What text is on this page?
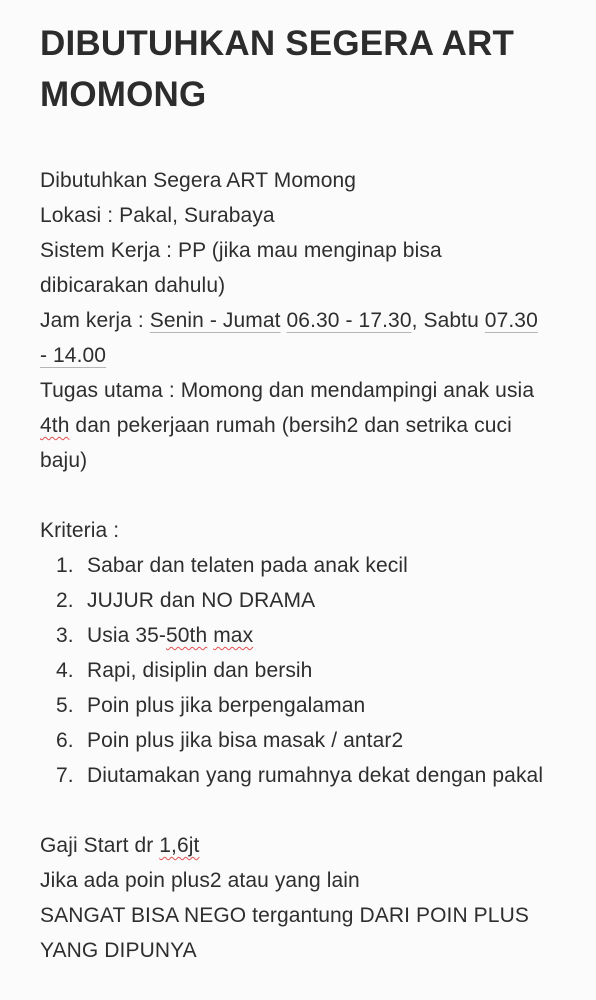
DIBUTUHKAN SEGERA ART MOMONG
Dibutuhkan Segera ART Momong
Lokasi : Pakal, Surabaya
Sistem Kerja : PP (jika mau menginap bisa dibicarakan dahulu)
Jam kerja : Senin - Jumat 06.30 - 17.30, Sabtu 07.30 - 14.00
Tugas utama : Momong dan mendampingi anak usia 4th dan pekerjaan rumah (bersih2 dan setrika cuci baju)
Kriteria :
1. Sabar dan telaten pada anak kecil
2. JUJUR dan NO DRAMA
3. Usia 35-50th max
4. Rapi, disiplin dan bersih
5. Poin plus jika berpengalaman
6. Poin plus jika bisa masak / antar2
7. Diutamakan yang rumahnya dekat dengan pakal
Gaji Start dr 1,6jt
Jika ada poin plus2 atau yang lain
SANGAT BISA NEGO tergantung DARI POIN PLUS YANG DIPUNYA
